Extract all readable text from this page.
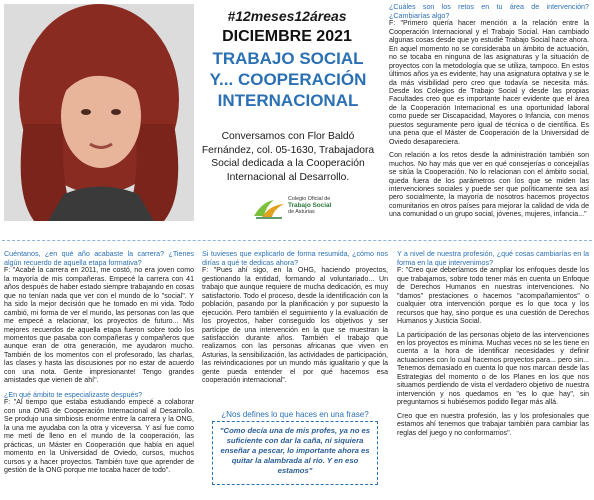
#12meses12áreas
DICIEMBRE 2021
TRABAJO SOCIAL
Y... COOPERACIÓN
INTERNACIONAL
Conversamos con Flor Baldó Fernández, col. 05-1630, Trabajadora Social dedicada a la Cooperación Internacional al Desarrollo.
Colegio Oficial de
Trabajo Social
de Asturias
¿Cuáles son los retos en tu área de intervención? ¿Cambiarías algo?
F: "Primero quería hacer mención a la relación entre la Cooperación Internacional y el Trabajo Social. Han cambiado algunas cosas desde que yo estudié Trabajo Social hace ahora. En aquel momento no se consideraba un ámbito de actuación, no se tocaba en ninguna de las asignaturas y la situación de proyectos con la metodología que se utiliza, tampoco. En estos últimos años ya es evidente, hay una asignatura optativa y se le da más visibilidad pero creo que todavía se necesita más. Desde los Colegios de Trabajo Social y desde las propias Facultades creo que es importante hacer evidente que el área de la Cooperación Internacional es una oportunidad laboral como puede ser Discapacidad, Mayores o Infancia, con menos puestos seguramente pero igual de técnica o de científica. Es una pena que el Máster de Cooperación de la Universidad de Oviedo desapareciera.
Con relación a los retos desde la administración también son muchos. No hay más que ver en qué consejerías o concejalías se sitúa la Cooperación. No lo relacionan con el ámbito social, queda fuera de los parámetros con los que se miden las intervenciones sociales y puede ser que políticamente sea así pero socialmente, la mayoría de nosotros hacemos proyectos comunitarios en otros países para mejorar la calidad de vida de una comunidad o un grupo social, jóvenes, mujeres, infancia..."
Cuéntanos, ¿en qué año acabaste la carrera? ¿Tienes algún recuerdo de aquella etapa formativa?
F: "Acabé la carrera en 2011, me costó, no era joven como la mayoría de mis compañeras. Empecé la carrera con 41 años después de haber estado siempre trabajando en cosas que no tenían nada que ver con el mundo de lo "social". Y ha sido la mejor decisión que he tomado en mi vida. Todo cambió, mi forma de ver el mundo, las personas con las que me empecé a relacionar, los proyectos de futuro... Mis mejores recuerdos de aquella etapa fueron sobre todo los momentos que pasaba con compañeras y compañeros que aunque eran de otra generación, me ayudaron mucho. También de los momentos con el profesorado, las charlas, las clases y hasta las discusiones por no estar de acuerdo con una nota. Gente impresionante! Tengo grandes amistades que vienen de ahí".
¿En qué ámbito te especializaste después?
F: "Al tiempo que estaba estudiando empecé a colaborar con una ONG de Cooperación Internacional al Desarrollo. Se produjo una simbiosis enorme entre la carrera y la ONG, la una me ayudaba con la otra y viceversa. Y así fue como me metí de lleno en el mundo de la cooperación, las prácticas, un Máster en Cooperación que había en aquel momento en la Universidad de Oviedo, cursos, muchos cursos y a hacer proyectos. También tuve que aprender de gestión de la ONG porque me tocaba hacer de todo".
Si tuvieses que explicarlo de forma resumida, ¿cómo nos dirías a qué te dedicas ahora?
F: "Pues ahí sigo, en la OHG, haciendo proyectos, gestionando la entidad, formando al voluntariado... Un trabajo que aunque requiere de mucha dedicación, es muy satisfactorio. Todo el proceso, desde la identificación con la población, pasando por la planificación y por supuesto la ejecución. Pero también el seguimiento y la evaluación de los proyectos, haber conseguido los objetivos y ser partícipe de una intervención en la que se muestran la satisfacción durante años. También el trabajo que realizamos con las personas africanas que viven en Asturias, la sensibilización, las actividades de participación, las reivindicaciones por un mundo más igualitario y que la gente pueda entender el por qué hacemos esa cooperación internacional".
¿Nos defines lo que haces en una frase?
"Como decía una de mis profes, ya no es suficiente con dar la caña, ni siquiera enseñar a pescar, lo importante ahora es quitar la alambrada al río. Y en eso estamos"
Y a nivel de nuestra profesión, ¿qué cosas cambiarías en la forma en la que intervenimos?
F: "Creo que deberíamos de ampliar los enfoques desde los que trabajamos, sobre todo tener más en cuenta un Enfoque de Derechos Humanos en nuestras intervenciones. No "damos" prestaciones o hacemos "acompañamientos" o cualquier otra intervención porque es lo que toca y los recursos que hay, sino porque es una cuestión de Derechos Humanos y Justicia Social.
La participación de las personas objeto de las intervenciones en los proyectos es mínima. Muchas veces no se les tiene en cuenta a la hora de identificar necesidades y definir actuaciones con lo cual hacemos proyectos para... pero sin... Tenemos demasiado en cuenta lo que nos marcan desde las Estrategias del momento o de los Planes en los que nos situamos perdiendo de vista el verdadero objetivo de nuestra intervención y nos quedamos en "es lo que hay", sin preguntarnos si hubiésemos podido llegar más allá.
Creo que en nuestra profesión, las y los profesionales que estamos ahí tenemos que trabajar también para cambiar las reglas del juego y no conformarnos".
